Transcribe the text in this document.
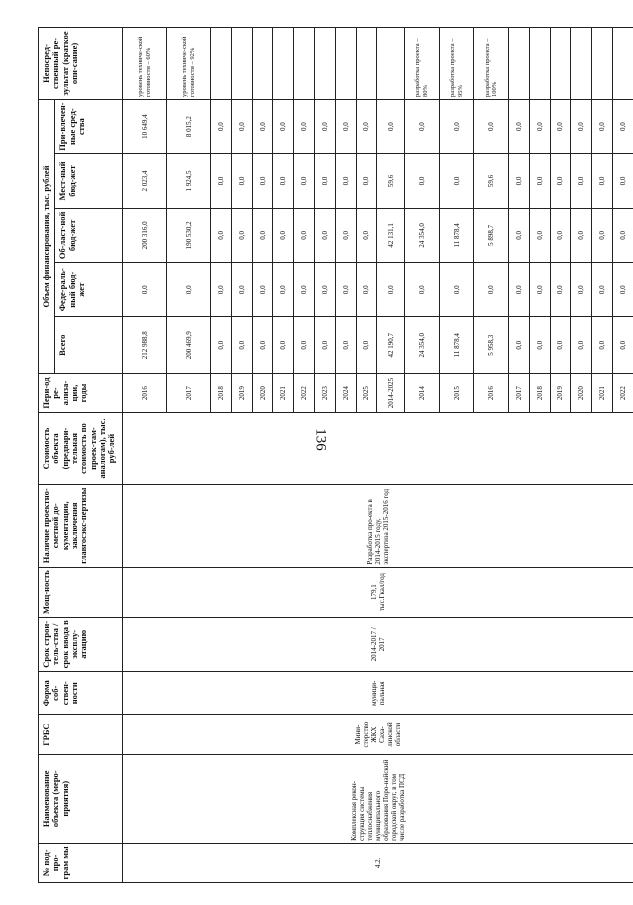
136
№ под-про-грам мы	Наименование объекта (меро-приятия)	ГРБС	Форма соб-ствен-ности	Срок строи-тель-ства / срок ввода в эксплу-атацию	Мощ-ность	Наличие проектно-сметной до-кументации, заключения главгосэкс-пертизы	Стоимость объекта (предвари-тельная стоимость по проек-там-аналогам), тыс. руб-лей	Пери-од ре-ализа-ции, годы	Объем финансирования, тыс. рублей					Непосред-ственный ре-зультат (краткое опи-сание)
									Всего	Феде-раль-ный бюд-жет	Об-ласт-ной бюд-жет	Мест-ный бюд-жет	При-влечен-ные сред-ства	
4.2.	Комплексная рекон-струкция системы теплоснабжения муниципального образования Поро-найский городской округ, в том числе разработка ПСД	Мини-стерство ЖКХ Саха-линской области	муници-пальная	2014-2017 / 2017	179,1 тыс.Гкал/год	Разработка про-екта в 2014-2015 году, экспертиза 2015-2016 год		2016	212 988,8	0,0	200 316,0	2 023,4	10 649,4	уровень техниче-ской готовности – 60%
								2017	200 469,9	0,0	190 530,2	1 924,5	8 015,2	уровень техниче-ской готовности – 92%
								2018	0,0	0,0	0,0	0,0	0,0	
								2019	0,0	0,0	0,0	0,0	0,0	
								2020	0,0	0,0	0,0	0,0	0,0	
								2021	0,0	0,0	0,0	0,0	0,0	
								2022	0,0	0,0	0,0	0,0	0,0	
								2023	0,0	0,0	0,0	0,0	0,0	
								2024	0,0	0,0	0,0	0,0	0,0	
								2025	0,0	0,0	0,0	0,0	0,0	
								2014-2025	42 190,7	0,0	42 131,1	59,6	0,0	
								2014	24 354,0	0,0	24 354,0	0,0	0,0	разработка проекта – 80%
								2015	11 878,4	0,0	11 878,4	0,0	0,0	разработка проекта – 95%
								2016	5 958,3	0,0	5 898,7	59,6	0,0	разработка проекта – 100%
								2017	0,0	0,0	0,0	0,0	0,0	
								2018	0,0	0,0	0,0	0,0	0,0	
								2019	0,0	0,0	0,0	0,0	0,0	
								2020	0,0	0,0	0,0	0,0	0,0	
								2021	0,0	0,0	0,0	0,0	0,0	
								2022	0,0	0,0	0,0	0,0	0,0	
